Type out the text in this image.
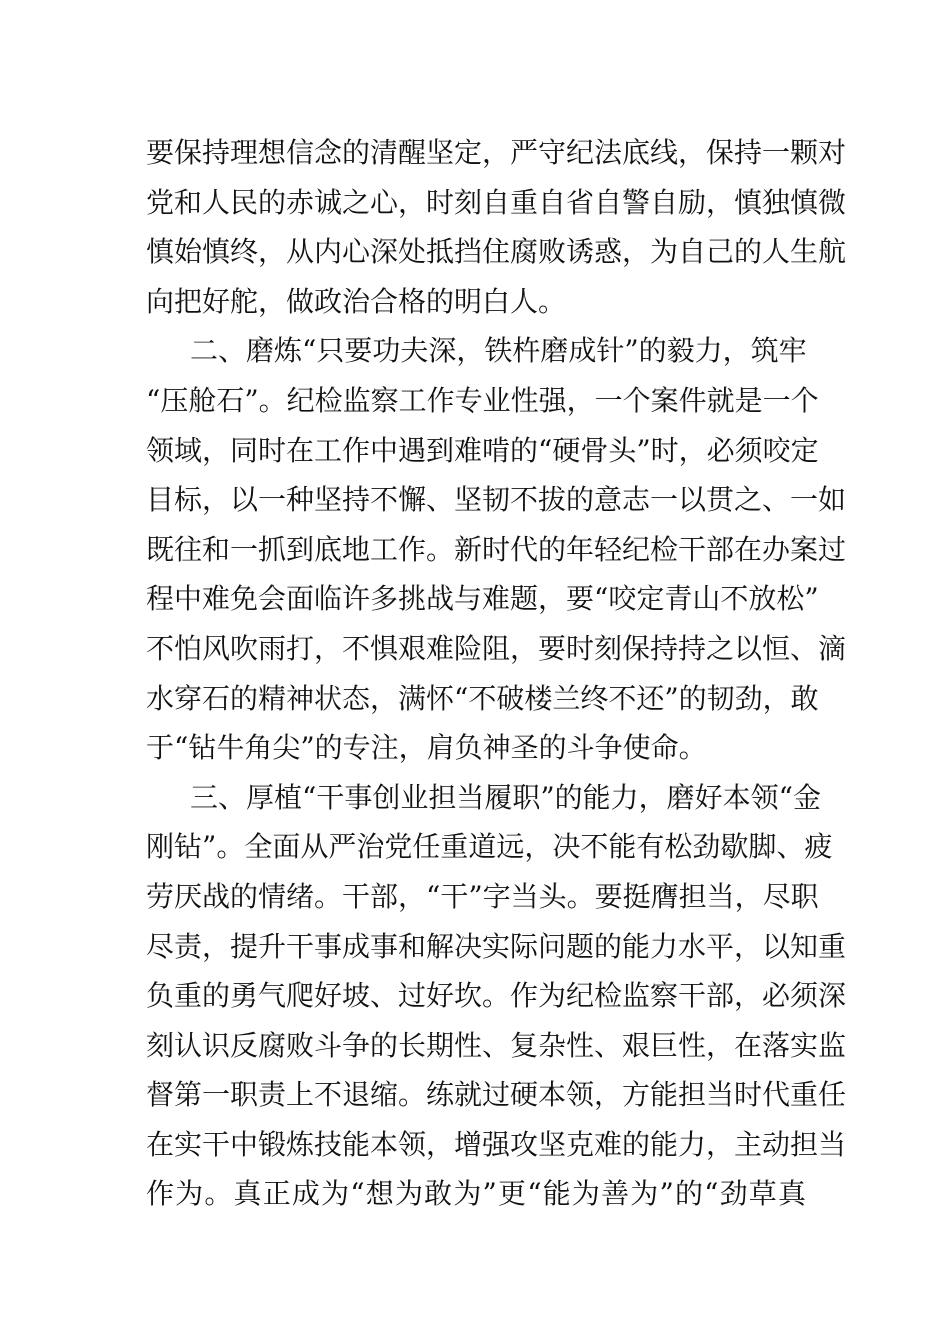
要保持理想信念的清醒坚定，严守纪法底线，保持一颗对
党和人民的赤诚之心，时刻自重自省自警自励，慎独慎微
慎始慎终，从内心深处抵挡住腐败诱惑，为自己的人生航
向把好舵，做政治合格的明白人。
二、磨炼“只要功夫深，铁杵磨成针”的毅力，筑牢
“压舱石”。纪检监察工作专业性强，一个案件就是一个
领域，同时在工作中遇到难啃的“硬骨头”时，必须咬定
目标，以一种坚持不懈、坚韧不拔的意志一以贯之、一如
既往和一抓到底地工作。新时代的年轻纪检干部在办案过
程中难免会面临许多挑战与难题，要“咬定青山不放松”
不怕风吹雨打，不惧艰难险阻，要时刻保持持之以恒、滴
水穿石的精神状态，满怀“不破楼兰终不还”的韧劲，敢
于“钻牛角尖”的专注，肩负神圣的斗争使命。
三、厚植“干事创业担当履职”的能力，磨好本领“金
刚钻”。全面从严治党任重道远，决不能有松劲歇脚、疲
劳厌战的情绪。干部，“干”字当头。要挺膺担当，尽职
尽责，提升干事成事和解决实际问题的能力水平，以知重
负重的勇气爬好坡、过好坎。作为纪检监察干部，必须深
刻认识反腐败斗争的长期性、复杂性、艰巨性，在落实监
督第一职责上不退缩。练就过硬本领，方能担当时代重任
在实干中锻炼技能本领，增强攻坚克难的能力，主动担当
作为。真正成为“想为敢为”更“能为善为”的“劲草真
